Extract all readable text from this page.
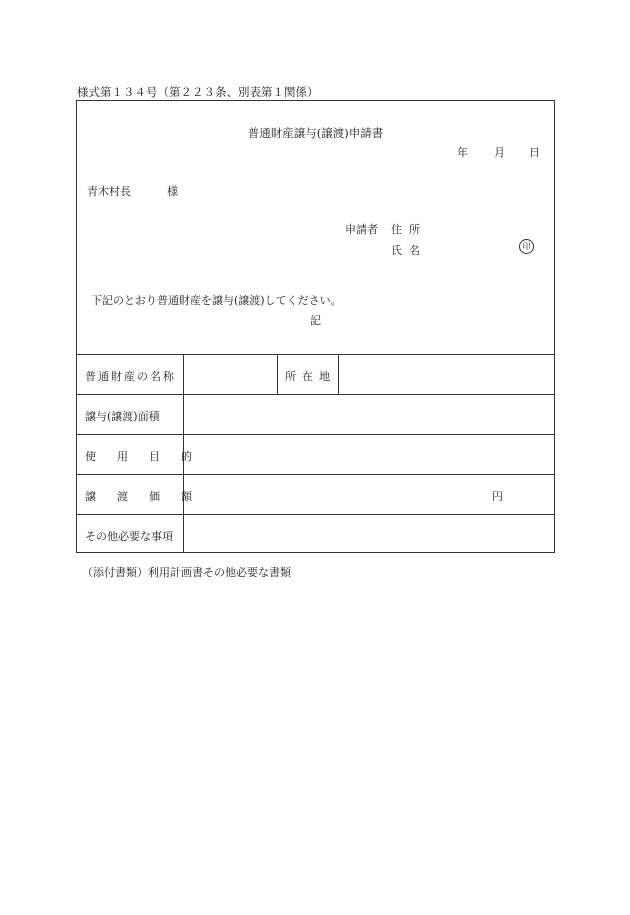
様式第１３４号（第２２３条、別表第１関係）
普通財産譲与(譲渡)申請書
年 月 日
青木村長	様
申請者 住所
氏名	印
下記のとおり普通財産を譲与(譲渡)してください。
記
普通財産の名称	所在地
譲与(譲渡)面積
使用目的
譲渡価額	円
その他必要な事項
（添付書類）利用計画書その他必要な書類
